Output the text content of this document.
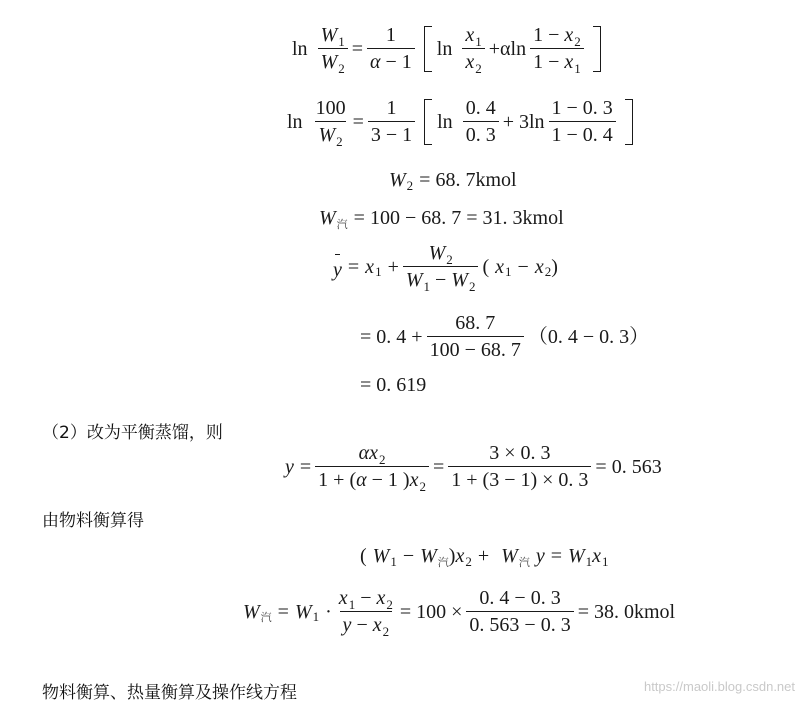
$\ln \frac{W_1}{W_2} = \frac{1}{\alpha - 1}$ $\ln \frac{x_1}{x_2} + \alpha\ln \frac{1 - x_2}{1 - x_1}$
$\ln \frac{100}{W_2} = \frac{1}{3 - 1}$ $\ln \frac{0. 4}{0. 3} + 3\ln \frac{1 - 0. 3}{1 - 0. 4}$
W 2 = 68. 7kmol
W 汽 = 100 − 68. 7 = 31. 3kmol
y = x $1 + \frac{W_2}{W_1 - W_2}$ ( x 1 − x 2 )
= 0. $4 + \frac{68. 7}{100 - 68. 7} (0$. 4 − 0. 3）
= 0. 619
（2）改为平衡蒸馏，则
$y = \frac{\alpha x_2}{1 + (\alpha - 1 )x_2} = \frac{3 \times 0. 3}{1 + (3 - 1) \times 0. 3} = 0$. 563
由物料衡算得
( W 1 − W 汽 ) x 2 + W 汽 y = W 1 x 1
W 汽 = W $1 \cdot \frac{x_1 - x_2}{y - x_2} = 100 \times \frac{0. 4 - 0. 3}{0. 563 - 0. 3} = 38$. 0kmol
物料衡算、热量衡算及操作线方程	https://maoli.blog.csdn.net
